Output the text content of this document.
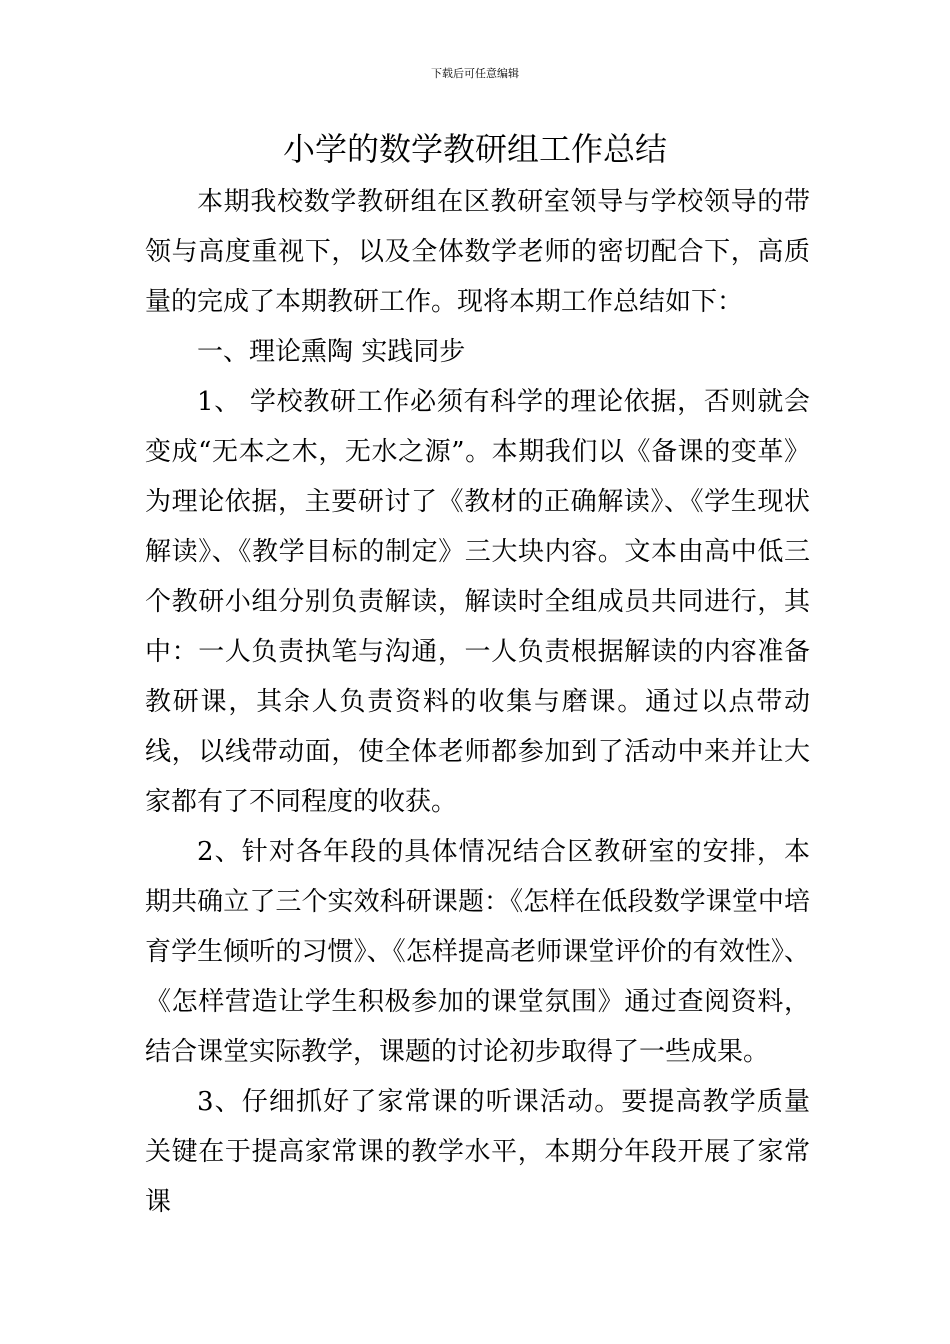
下载后可任意编辑
小学的数学教研组工作总结

本期我校数学教研组在区教研室领导与学校领导的带领与高度重视下，以及全体数学老师的密切配合下，高质量的完成了本期教研工作。现将本期工作总结如下：

一、理论熏陶 实践同步

1、 学校教研工作必须有科学的理论依据，否则就会变成“无本之木，无水之源”。本期我们以《备课的变革》为理论依据，主要研讨了《教材的正确解读》、《学生现状解读》、《教学目标的制定》三大块内容。文本由高中低三个教研小组分别负责解读，解读时全组成员共同进行，其中：一人负责执笔与沟通，一人负责根据解读的内容准备教研课，其余人负责资料的收集与磨课。通过以点带动线，以线带动面，使全体老师都参加到了活动中来并让大家都有了不同程度的收获。

2、针对各年段的具体情况结合区教研室的安排，本期共确立了三个实效科研课题：《怎样在低段数学课堂中培育学生倾听的习惯》、《怎样提高老师课堂评价的有效性》、《怎样营造让学生积极参加的课堂氛围》通过查阅资料，结合课堂实际教学，课题的讨论初步取得了一些成果。

3、仔细抓好了家常课的听课活动。要提高教学质量关键在于提高家常课的教学水平，本期分年段开展了家常课
